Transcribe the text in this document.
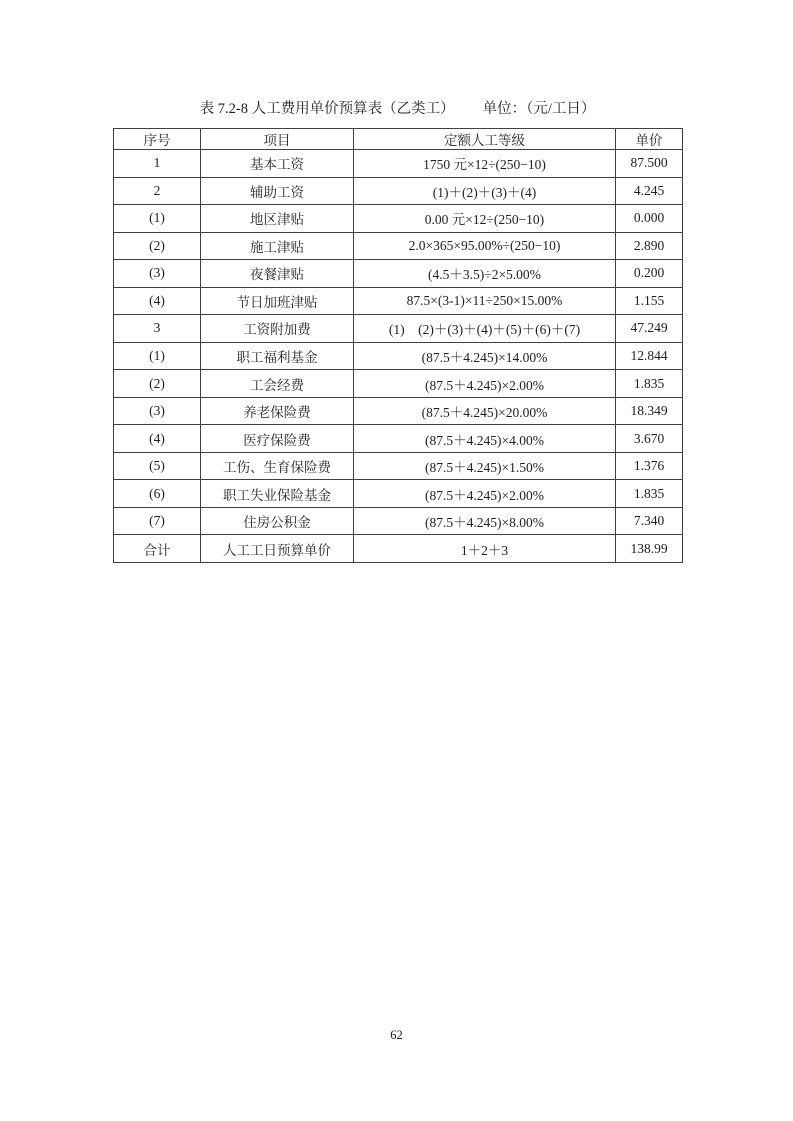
表 7.2-8 人工费用单价预算表（乙类工） 单位：（元/工日）
序号	项目	定额人工等级	单价
1	基本工资	1750 元×12÷(250−10)	87.500
2	辅助工资	(1)＋(2)＋(3)＋(4)	4.245
(1)	地区津贴	0.00 元×12÷(250−10)	0.000
(2)	施工津贴	2.0×365×95.00%÷(250−10)	2.890
(3)	夜餐津贴	(4.5＋3.5)÷2×5.00%	0.200
(4)	节日加班津贴	87.5×(3-1)×11÷250×15.00%	1.155
3	工资附加费	(1)　(2)＋(3)＋(4)＋(5)＋(6)＋(7)	47.249
(1)	职工福利基金	(87.5＋4.245)×14.00%	12.844
(2)	工会经费	(87.5＋4.245)×2.00%	1.835
(3)	养老保险费	(87.5＋4.245)×20.00%	18.349
(4)	医疗保险费	(87.5＋4.245)×4.00%	3.670
(5)	工伤、生育保险费	(87.5＋4.245)×1.50%	1.376
(6)	职工失业保险基金	(87.5＋4.245)×2.00%	1.835
(7)	住房公积金	(87.5＋4.245)×8.00%	7.340
合计	人工工日预算单价	1＋2＋3	138.99
62
